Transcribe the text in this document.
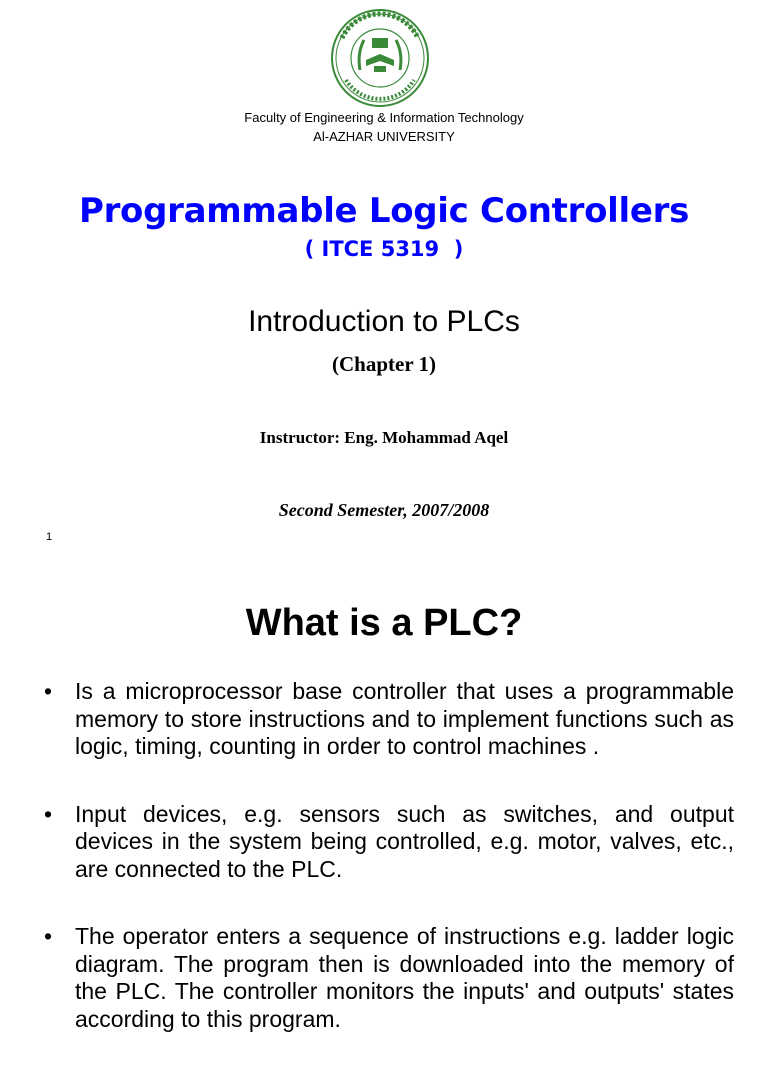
Faculty of Engineering & Information Technology
Al-AZHAR UNIVERSITY
Programmable Logic Controllers
( ITCE 5319  )
Introduction to PLCs
(Chapter 1)
Instructor: Eng. Mohammad Aqel
Second Semester, 2007/2008
1
What is a PLC?
• Is a microprocessor base controller that uses a programmable memory to store instructions and to implement functions such as logic, timing, counting in order to control machines .
• Input devices, e.g. sensors such as switches, and output devices in the system being controlled, e.g. motor, valves, etc., are connected to the PLC.
• The operator enters a sequence of instructions e.g. ladder logic diagram. The program then is downloaded into the memory of the PLC. The controller monitors the inputs' and outputs' states according to this program.
